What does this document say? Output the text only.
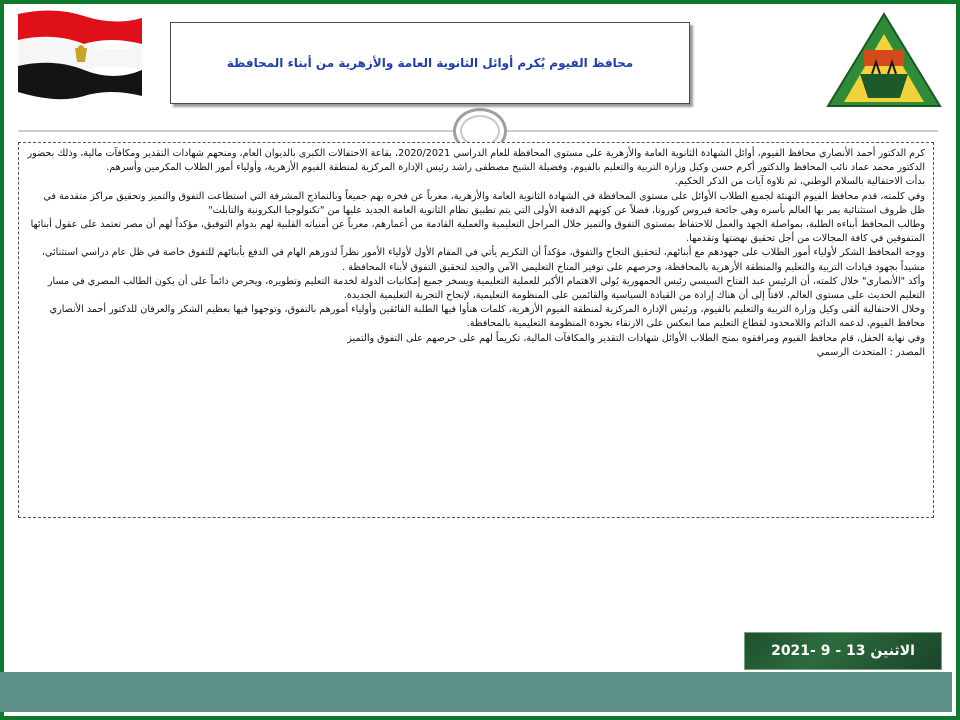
محافظ الفيوم يُكرم أوائل الثانوية العامة والأزهرية من أبناء المحافظة

كرم الدكتور أحمد الأنصاري محافظ الفيوم، أوائل الشهادة الثانوية العامة والأزهرية على مستوى المحافظة للعام الدراسي 2020/2021، بقاعة الاحتفالات الكبرى بالديوان العام، ومنحهم شهادات التقدير ومكافآت مالية، وذلك بحضور الدكتور محمد عماد نائب المحافظ والدكتور أكرم حسن وكيل وزارة التربية والتعليم بالفيوم، وفضيلة الشيخ مصطفى راشد رئيس الإدارة المركزية لمنطقة الفيوم الأزهرية، وأولياء أمور الطلاب المكرمين وأسرهم.

بدأت الاحتفالية بالسلام الوطني، ثم تلاوة آيات من الذكر الحكيم.

وفي كلمته، قدم محافظ الفيوم التهنئة لجميع الطلاب الأوائل على مستوى المحافظة في الشهادة الثانوية العامة والأزهرية، معرباً عن فخره بهم جميعاً وبالنماذج المشرفة التي استطاعت التفوق والتميز وتحقيق مراكز متقدمة في ظل ظروف استثنائية يمر بها العالم بأسره وهي جائحة فيروس كورونا، فضلاً عن كونهم الدفعة الأولى التي يتم تطبيق نظام الثانوية العامة الجديد عليها من "تكنولوجيا البكرونية والتابلت"

وطالب المحافظ أبناءه الطلبة، بمواصلة الجهد والعمل للاحتفاظ بمستوى التفوق والتميز خلال المراحل التعليمية والعملية القادمة من أعمارهم، معرباً عن أمنياته القلبية لهم بدوام التوفيق، مؤكداً لهم أن مصر تعتمد على عقول أبنائها المتفوقين في كافة المجالات من أجل تحقيق نهضتها وتقدمها.

ووجه المحافظ الشكر لأولياء أمور الطلاب على جهودهم مع أبنائهم، لتحقيق النجاح والتفوق، مؤكداً أن التكريم يأتي في المقام الأول لأولياء الأمور نظراً لدورهم الهام في الدفع بأبنائهم للتفوق خاصة في ظل عام دراسي استثنائي، مشيداً بجهود قيادات التربية والتعليم والمنطقة الأزهرية بالمحافظة، وحرصهم على توفير المناخ التعليمي الآمن والجيد لتحقيق التفوق لأبناء المحافظة .

وأكد "الأنصاري" خلال كلمته، أن الرئيس عبد الفتاح السيسي رئيس الجمهورية يُولي الاهتمام الأكبر للعملية التعليمية ويسخر جميع إمكانيات الدولة لخدمة التعليم وتطويره، ويحرص دائماً على أن يكون الطالب المصري في مسار التعليم الحديث على مستوى العالم، لافتاً إلى أن هناك إرادة من القيادة السياسية والقائمين على المنظومة التعليمية، لإنجاح التجربة التعليمية الجديدة.

وخلال الاحتفالية ألقى وكيل وزارة التربية والتعليم بالفيوم، ورئيس الإدارة المركزية لمنطقة الفيوم الأزهرية، كلمات هنأوا فيها الطلبة الفائقين وأولياء أمورهم بالتفوق، وتوجهوا فيها بعظيم الشكر والعرفان للدكتور أحمد الأنصاري محافظ الفيوم، لدعمه الدائم واللامحدود لقطاع التعليم مما انعكس على الارتقاء بجودة المنظومة التعليمية بالمحافظة.

وفي نهاية الحفل، قام محافظ الفيوم ومرافقوه بمنح الطلاب الأوائل شهادات التقدير والمكافآت المالية، تكريماً لهم على حرصهم على التفوق والتميز

المصدر : المتحدث الرسمي

الاثنين 13 - 9 -2021
